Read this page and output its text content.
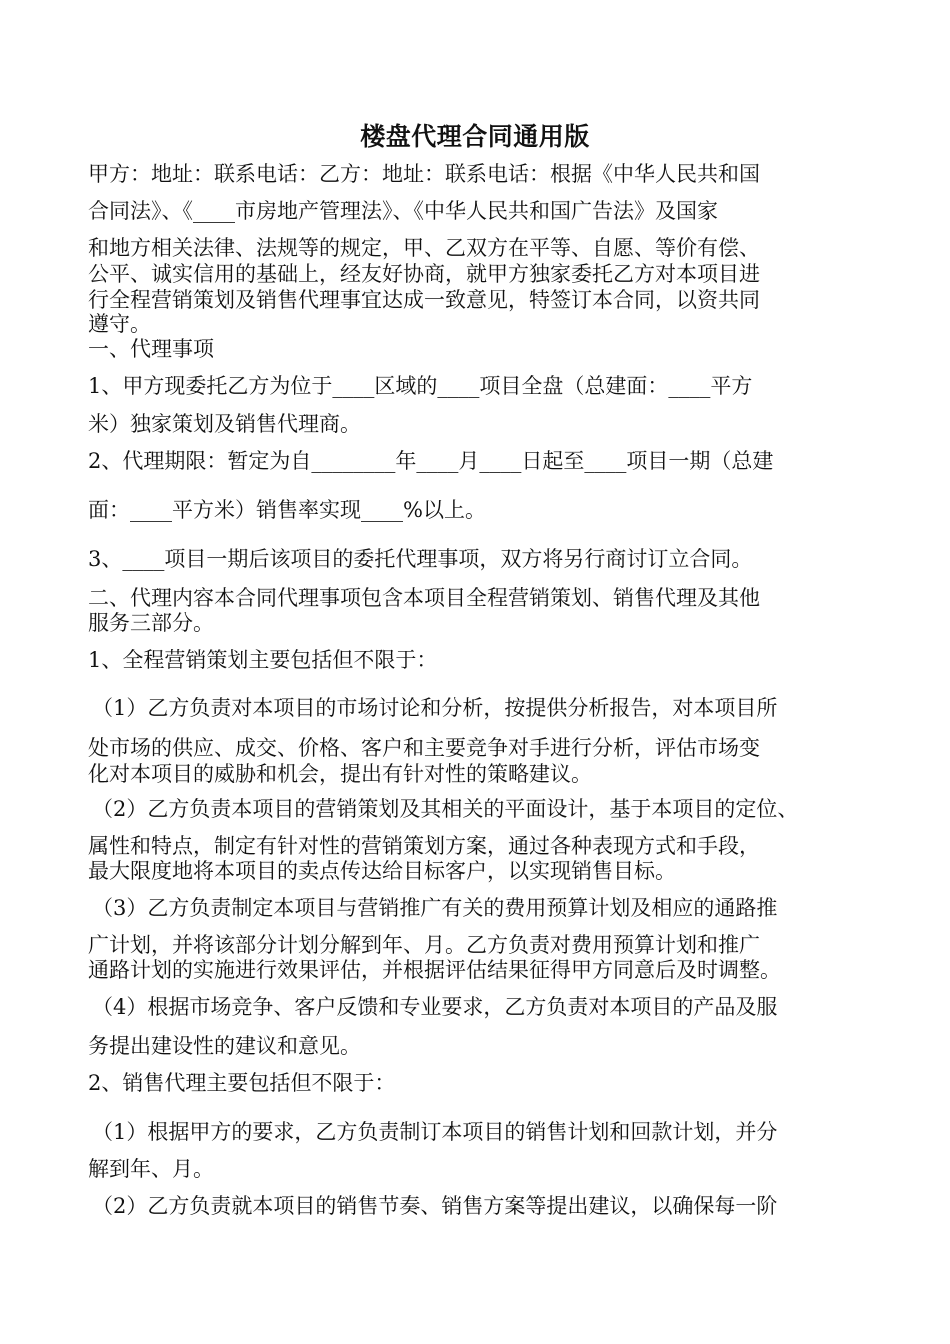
楼盘代理合同通用版
甲方：地址：联系电话：乙方：地址：联系电话：根据《中华人民共和国
合同法》、《____市房地产管理法》、《中华人民共和国广告法》及国家
和地方相关法律、法规等的规定，甲、乙双方在平等、自愿、等价有偿、
公平、诚实信用的基础上，经友好协商，就甲方独家委托乙方对本项目进
行全程营销策划及销售代理事宜达成一致意见，特签订本合同，以资共同
遵守。
一、代理事项
1、甲方现委托乙方为位于____区域的____项目全盘（总建面：____平方
米）独家策划及销售代理商。
2、代理期限：暂定为自________年____月____日起至____项目一期（总建
面：____平方米）销售率实现____%以上。
3、____项目一期后该项目的委托代理事项，双方将另行商讨订立合同。
二、代理内容本合同代理事项包含本项目全程营销策划、销售代理及其他
服务三部分。
1、全程营销策划主要包括但不限于：
（1）乙方负责对本项目的市场讨论和分析，按提供分析报告，对本项目所
处市场的供应、成交、价格、客户和主要竞争对手进行分析，评估市场变
化对本项目的威胁和机会，提出有针对性的策略建议。
（2）乙方负责本项目的营销策划及其相关的平面设计，基于本项目的定位、
属性和特点，制定有针对性的营销策划方案，通过各种表现方式和手段，
最大限度地将本项目的卖点传达给目标客户，以实现销售目标。
（3）乙方负责制定本项目与营销推广有关的费用预算计划及相应的通路推
广计划，并将该部分计划分解到年、月。乙方负责对费用预算计划和推广
通路计划的实施进行效果评估，并根据评估结果征得甲方同意后及时调整。
（4）根据市场竞争、客户反馈和专业要求，乙方负责对本项目的产品及服
务提出建设性的建议和意见。
2、销售代理主要包括但不限于：
（1）根据甲方的要求，乙方负责制订本项目的销售计划和回款计划，并分
解到年、月。
（2）乙方负责就本项目的销售节奏、销售方案等提出建议，以确保每一阶
